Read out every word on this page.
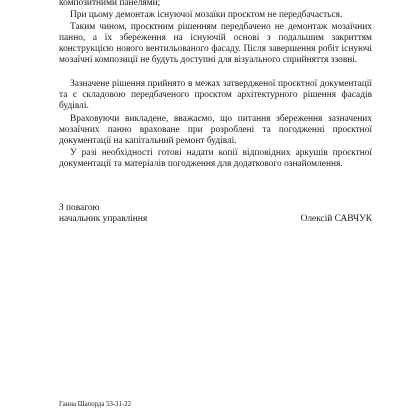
композитними панелями;

При цьому демонтаж існуючої мозаїки проєктом не передбачається.

Таким чином, проєктним рішенням передбачено не демонтаж мозаїчних панно, а їх збереження на існуючій основі з подальшим закриттям конструкцією нового вентильованого фасаду. Після завершення робіт існуючі мозаїчні композиції не будуть доступні для візуального сприйняття ззовні.

Зазначене рішення прийнято в межах затвердженої проєктної документації та є складовою передбаченого проєктом архітектурного рішення фасадів будівлі.

Враховуючи викладене, вважаємо, що питання збереження зазначених мозаїчних панно враховане при розроблені та погодженні проєктної документації на капітальний ремонт будівлі.

У разі необхідності готові надати копії відповідних аркушів проєктної документації та матеріалів погодження для додаткового ознайомлення.

З повагою
начальник управління	Олексій САВЧУК
Ганна Шапорда 53-31-22
